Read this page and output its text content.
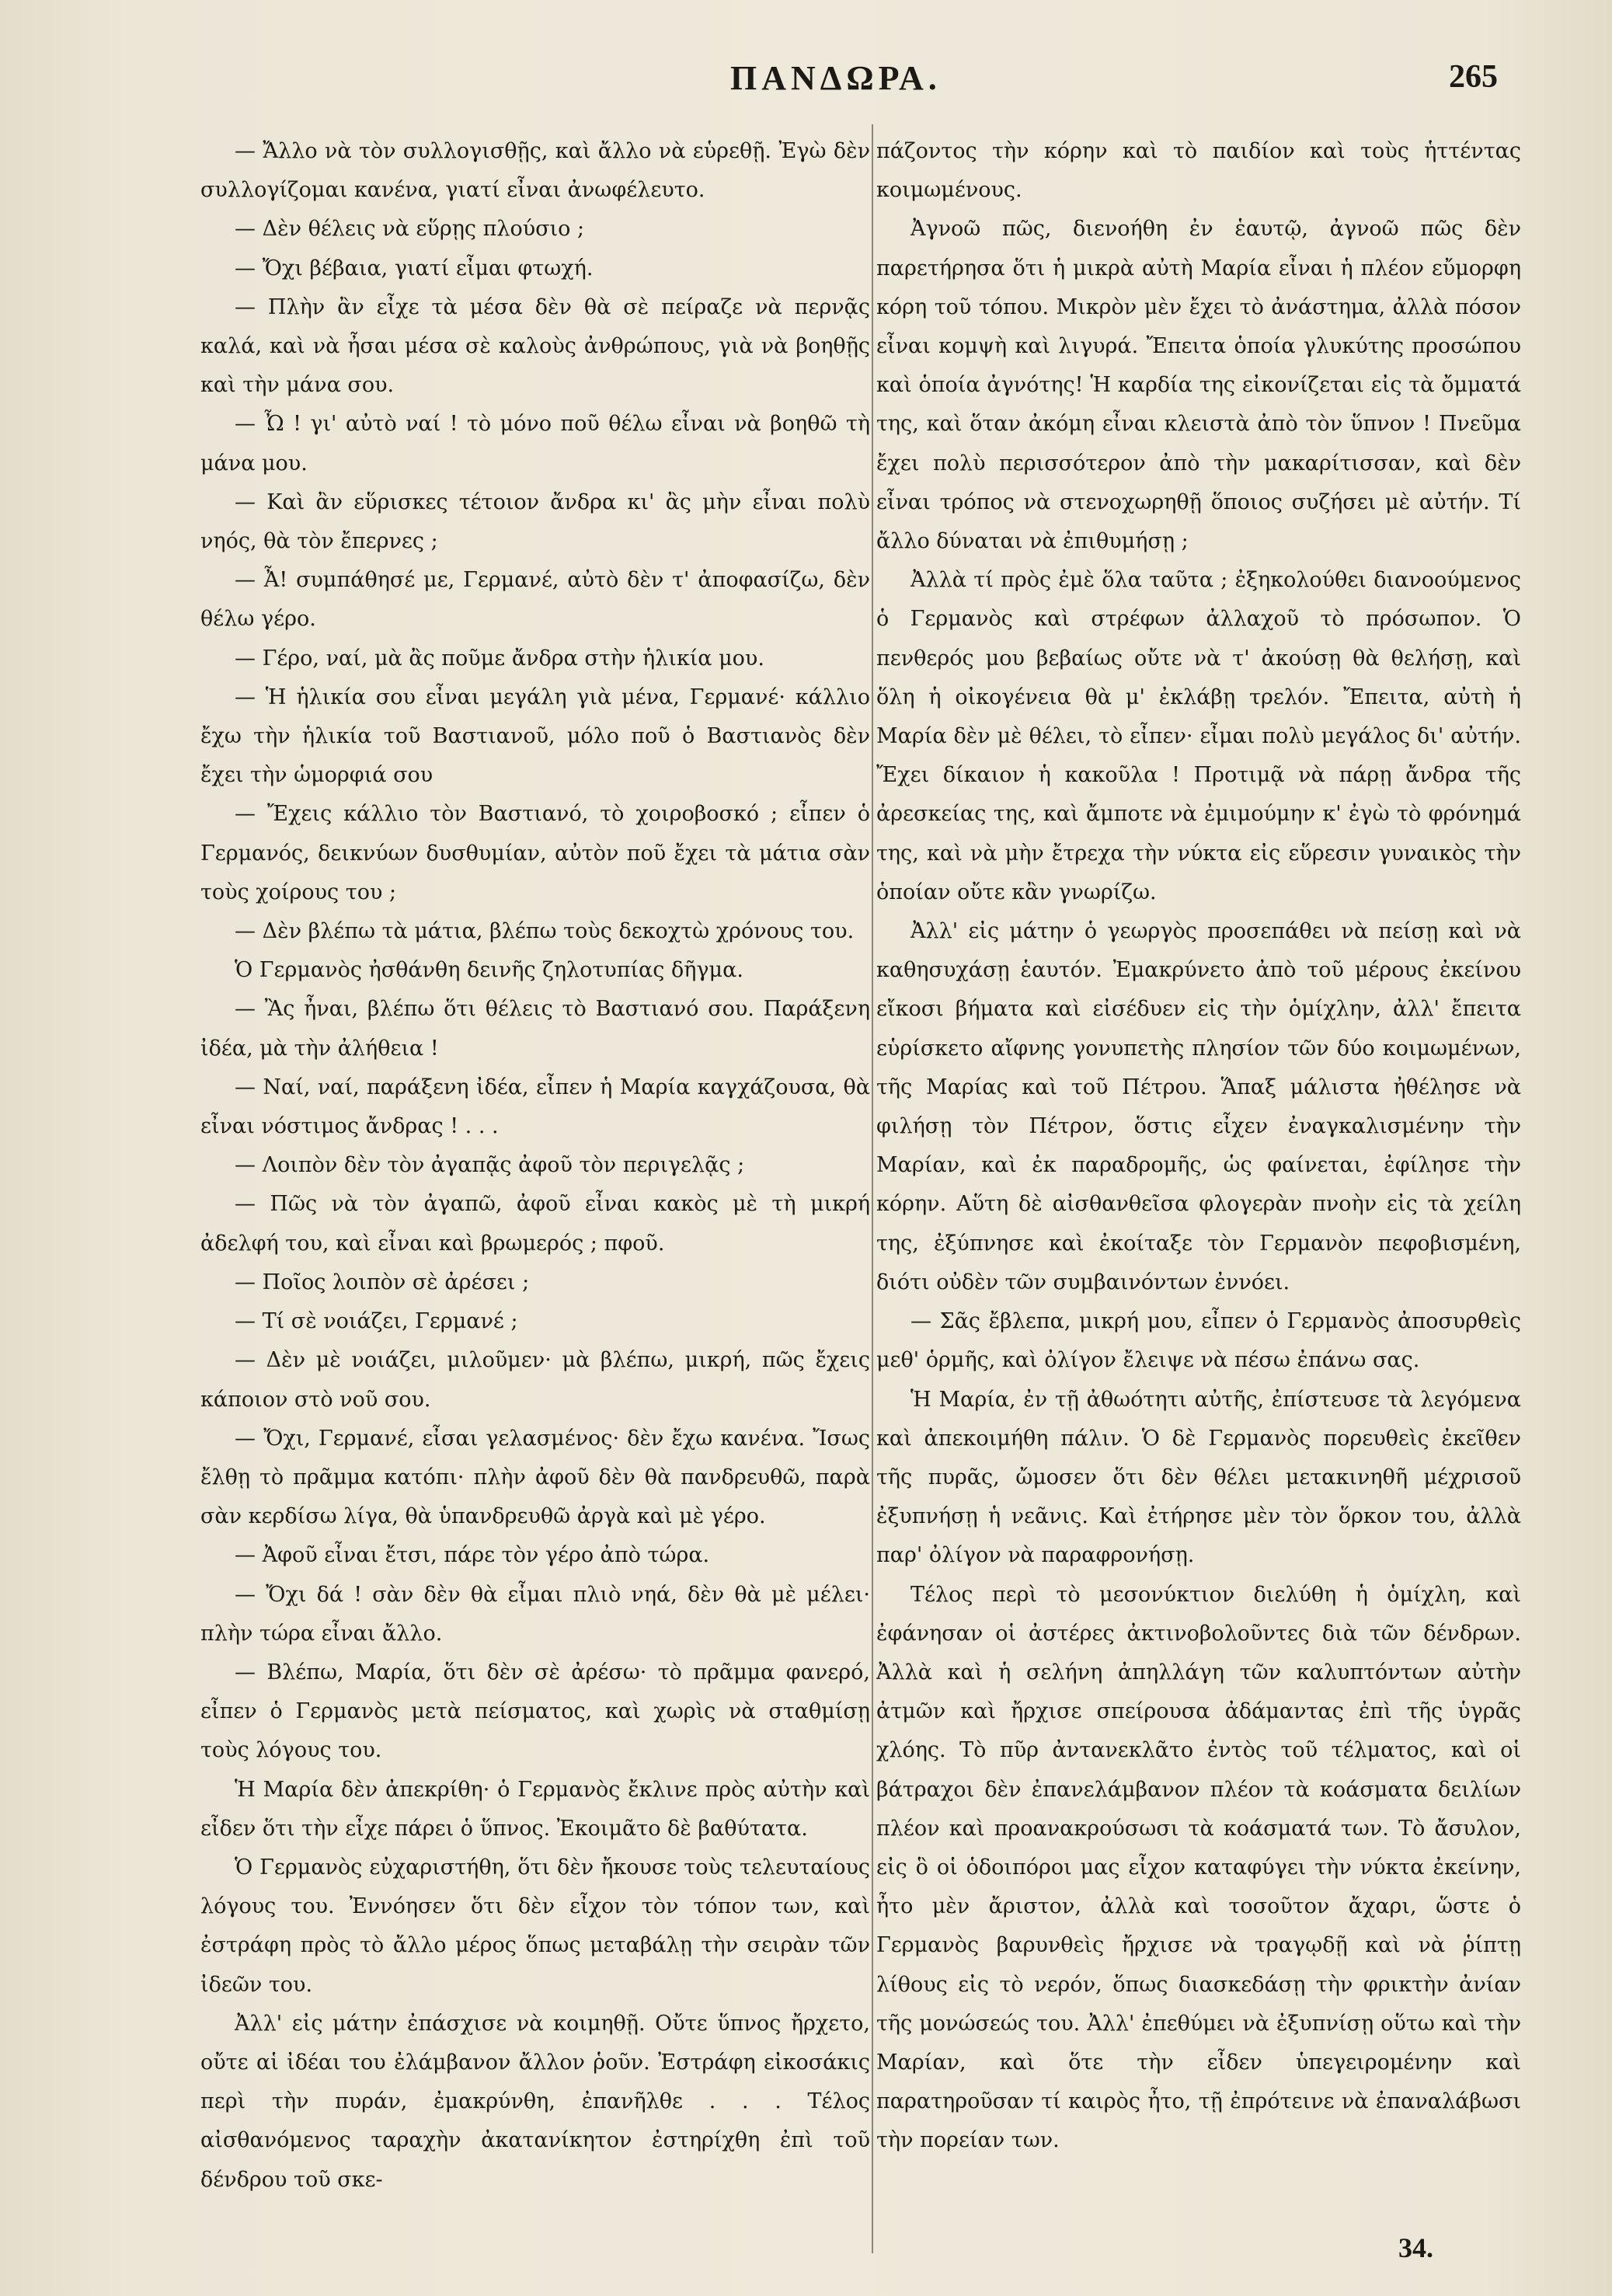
ΠΑΝΔΩΡΑ.	265

— Ἄλλο νὰ τὸν συλλογισθῇς, καὶ ἄλλο νὰ εὑρεθῇ. Ἐγὼ δὲν συλλογίζομαι κανένα, γιατί εἶναι ἀνωφέλευτο.

— Δὲν θέλεις νὰ εὕρῃς πλούσιο ;

— Ὄχι βέβαια, γιατί εἶμαι φτωχή.

— Πλὴν ἂν εἶχε τὰ μέσα δὲν θὰ σὲ πείραζε νὰ περνᾷς καλά, καὶ νὰ ἦσαι μέσα σὲ καλοὺς ἀνθρώπους, γιὰ νὰ βοηθῇς καὶ τὴν μάνα σου.

— Ὦ ! γι' αὐτὸ ναί ! τὸ μόνο ποῦ θέλω εἶναι νὰ βοηθῶ τὴ μάνα μου.

— Καὶ ἂν εὕρισκες τέτοιον ἄνδρα κι' ἂς μὴν εἶναι πολὺ νηός, θὰ τὸν ἔπερνες ;

— Ἆ! συμπάθησέ με, Γερμανέ, αὐτὸ δὲν τ' ἀποφασίζω, δὲν θέλω γέρο.

— Γέρο, ναί, μὰ ἂς ποῦμε ἄνδρα στὴν ἡλικία μου.

— Ἡ ἡλικία σου εἶναι μεγάλη γιὰ μένα, Γερμανέ· κάλλιο ἔχω τὴν ἡλικία τοῦ Βαστιανοῦ, μόλο ποῦ ὁ Βαστιανὸς δὲν ἔχει τὴν ὡμορφιά σου

— Ἔχεις κάλλιο τὸν Βαστιανό, τὸ χοιροβοσκό ; εἶπεν ὁ Γερμανός, δεικνύων δυσθυμίαν, αὐτὸν ποῦ ἔχει τὰ μάτια σὰν τοὺς χοίρους του ;

— Δὲν βλέπω τὰ μάτια, βλέπω τοὺς δεκοχτὼ χρόνους του.

Ὁ Γερμανὸς ἠσθάνθη δεινῆς ζηλοτυπίας δῆγμα.

— Ἂς ἦναι, βλέπω ὅτι θέλεις τὸ Βαστιανό σου. Παράξενη ἰδέα, μὰ τὴν ἀλήθεια !

— Ναί, ναί, παράξενη ἰδέα, εἶπεν ἡ Μαρία καγχάζουσα, θὰ εἶναι νόστιμος ἄνδρας ! . . .

— Λοιπὸν δὲν τὸν ἀγαπᾷς ἀφοῦ τὸν περιγελᾷς ;

— Πῶς νὰ τὸν ἀγαπῶ, ἀφοῦ εἶναι κακὸς μὲ τὴ μικρή ἀδελφή του, καὶ εἶναι καὶ βρωμερός ; πφοῦ.

— Ποῖος λοιπὸν σὲ ἀρέσει ;

— Τί σὲ νοιάζει, Γερμανέ ;

— Δὲν μὲ νοιάζει, μιλοῦμεν· μὰ βλέπω, μικρή, πῶς ἔχεις κάποιον στὸ νοῦ σου.

— Ὄχι, Γερμανέ, εἶσαι γελασμένος· δὲν ἔχω κανένα. Ἴσως ἔλθῃ τὸ πρᾶμμα κατόπι· πλὴν ἀφοῦ δὲν θὰ πανδρευθῶ, παρὰ σὰν κερδίσω λίγα, θὰ ὑπανδρευθῶ ἀργὰ καὶ μὲ γέρο.

— Ἀφοῦ εἶναι ἔτσι, πάρε τὸν γέρο ἀπὸ τώρα.

— Ὄχι δά ! σὰν δὲν θὰ εἶμαι πλιὸ νηά, δὲν θὰ μὲ μέλει· πλὴν τώρα εἶναι ἄλλο.

— Βλέπω, Μαρία, ὅτι δὲν σὲ ἀρέσω· τὸ πρᾶμμα φανερό, εἶπεν ὁ Γερμανὸς μετὰ πείσματος, καὶ χωρὶς νὰ σταθμίσῃ τοὺς λόγους του.

Ἡ Μαρία δὲν ἀπεκρίθη· ὁ Γερμανὸς ἔκλινε πρὸς αὐτὴν καὶ εἶδεν ὅτι τὴν εἶχε πάρει ὁ ὕπνος. Ἐκοιμᾶτο δὲ βαθύτατα.

Ὁ Γερμανὸς εὐχαριστήθη, ὅτι δὲν ἤκουσε τοὺς τελευταίους λόγους του. Ἐννόησεν ὅτι δὲν εἶχον τὸν τόπον των, καὶ ἐστράφη πρὸς τὸ ἄλλο μέρος ὅπως μεταβάλῃ τὴν σειρὰν τῶν ἰδεῶν του.

Ἀλλ' εἰς μάτην ἐπάσχισε νὰ κοιμηθῇ. Οὔτε ὕπνος ἤρχετο, οὔτε αἱ ἰδέαι του ἐλάμβανον ἄλλον ῥοῦν. Ἐστράφη εἰκοσάκις περὶ τὴν πυράν, ἐμακρύνθη, ἐπανῆλθε . . . Τέλος αἰσθανόμενος ταραχὴν ἀκατανίκητον ἐστηρίχθη ἐπὶ τοῦ δένδρου τοῦ σκε-

πάζοντος τὴν κόρην καὶ τὸ παιδίον καὶ τοὺς ἡττέντας κοιμωμένους.

Ἀγνοῶ πῶς, διενοήθη ἐν ἑαυτῷ, ἀγνοῶ πῶς δὲν παρετήρησα ὅτι ἡ μικρὰ αὐτὴ Μαρία εἶναι ἡ πλέον εὔμορφη κόρη τοῦ τόπου. Μικρὸν μὲν ἔχει τὸ ἀνάστημα, ἀλλὰ πόσον εἶναι κομψὴ καὶ λιγυρά. Ἔπειτα ὁποία γλυκύτης προσώπου καὶ ὁποία ἀγνότης! Ἡ καρδία της εἰκονίζεται εἰς τὰ ὄμματά της, καὶ ὅταν ἀκόμη εἶναι κλειστὰ ἀπὸ τὸν ὕπνον ! Πνεῦμα ἔχει πολὺ περισσότερον ἀπὸ τὴν μακαρίτισσαν, καὶ δὲν εἶναι τρόπος νὰ στενοχωρηθῇ ὅποιος συζήσει μὲ αὐτήν. Τί ἄλλο δύναται νὰ ἐπιθυμήσῃ ;

Ἀλλὰ τί πρὸς ἐμὲ ὅλα ταῦτα ; ἐξηκολούθει διανοούμενος ὁ Γερμανὸς καὶ στρέφων ἀλλαχοῦ τὸ πρόσωπον. Ὁ πενθερός μου βεβαίως οὔτε νὰ τ' ἀκούσῃ θὰ θελήσῃ, καὶ ὅλη ἡ οἰκογένεια θὰ μ' ἐκλάβῃ τρελόν. Ἔπειτα, αὐτὴ ἡ Μαρία δὲν μὲ θέλει, τὸ εἶπεν· εἶμαι πολὺ μεγάλος δι' αὐτήν. Ἔχει δίκαιον ἡ κακοῦλα ! Προτιμᾷ νὰ πάρῃ ἄνδρα τῆς ἀρεσκείας της, καὶ ἄμποτε νὰ ἐμιμούμην κ' ἐγὼ τὸ φρόνημά της, καὶ νὰ μὴν ἔτρεχα τὴν νύκτα εἰς εὕρεσιν γυναικὸς τὴν ὁποίαν οὔτε κἂν γνωρίζω.

Ἀλλ' εἰς μάτην ὁ γεωργὸς προσεπάθει νὰ πείσῃ καὶ νὰ καθησυχάσῃ ἑαυτόν. Ἐμακρύνετο ἀπὸ τοῦ μέρους ἐκείνου εἴκοσι βήματα καὶ εἰσέδυεν εἰς τὴν ὁμίχλην, ἀλλ' ἔπειτα εὑρίσκετο αἴφνης γονυπετὴς πλησίον τῶν δύο κοιμωμένων, τῆς Μαρίας καὶ τοῦ Πέτρου. Ἅπαξ μάλιστα ἠθέλησε νὰ φιλήσῃ τὸν Πέτρον, ὅστις εἶχεν ἐναγκαλισμένην τὴν Μαρίαν, καὶ ἐκ παραδρομῆς, ὡς φαίνεται, ἐφίλησε τὴν κόρην. Αὕτη δὲ αἰσθανθεῖσα φλογερὰν πνοὴν εἰς τὰ χείλη της, ἐξύπνησε καὶ ἐκοίταξε τὸν Γερμανὸν πεφοβισμένη, διότι οὐδὲν τῶν συμβαινόντων ἐννόει.

— Σᾶς ἔβλεπα, μικρή μου, εἶπεν ὁ Γερμανὸς ἀποσυρθεὶς μεθ' ὁρμῆς, καὶ ὀλίγον ἔλειψε νὰ πέσω ἐπάνω σας.

Ἡ Μαρία, ἐν τῇ ἀθωότητι αὐτῆς, ἐπίστευσε τὰ λεγόμενα καὶ ἀπεκοιμήθη πάλιν. Ὁ δὲ Γερμανὸς πορευθεὶς ἐκεῖθεν τῆς πυρᾶς, ὤμοσεν ὅτι δὲν θέλει μετακινηθῆ μέχρισοῦ ἐξυπνήσῃ ἡ νεᾶνις. Καὶ ἐτήρησε μὲν τὸν ὅρκον του, ἀλλὰ παρ' ὀλίγον νὰ παραφρονήσῃ.

Τέλος περὶ τὸ μεσονύκτιον διελύθη ἡ ὁμίχλη, καὶ ἐφάνησαν οἱ ἀστέρες ἀκτινοβολοῦντες διὰ τῶν δένδρων. Ἀλλὰ καὶ ἡ σελήνη ἀπηλλάγη τῶν καλυπτόντων αὐτὴν ἀτμῶν καὶ ἤρχισε σπείρουσα ἀδάμαντας ἐπὶ τῆς ὑγρᾶς χλόης. Τὸ πῦρ ἀντανεκλᾶτο ἐντὸς τοῦ τέλματος, καὶ οἱ βάτραχοι δὲν ἐπανελάμβανον πλέον τὰ κοάσματα δειλίων πλέον καὶ προανακρούσωσι τὰ κοάσματά των. Τὸ ἄσυλον, εἰς ὃ οἱ ὁδοιπόροι μας εἶχον καταφύγει τὴν νύκτα ἐκείνην, ἦτο μὲν ἄριστον, ἀλλὰ καὶ τοσοῦτον ἄχαρι, ὥστε ὁ Γερμανὸς βαρυνθεὶς ἤρχισε νὰ τραγῳδῇ καὶ νὰ ῥίπτῃ λίθους εἰς τὸ νερόν, ὅπως διασκεδάσῃ τὴν φρικτὴν ἀνίαν τῆς μονώσεώς του. Ἀλλ' ἐπεθύμει νὰ ἐξυπνίσῃ οὕτω καὶ τὴν Μαρίαν, καὶ ὅτε τὴν εἶδεν ὑπεγειρομένην καὶ παρατηροῦσαν τί καιρὸς ἦτο, τῇ ἐπρότεινε νὰ ἐπαναλάβωσι τὴν πορείαν των.

34.
